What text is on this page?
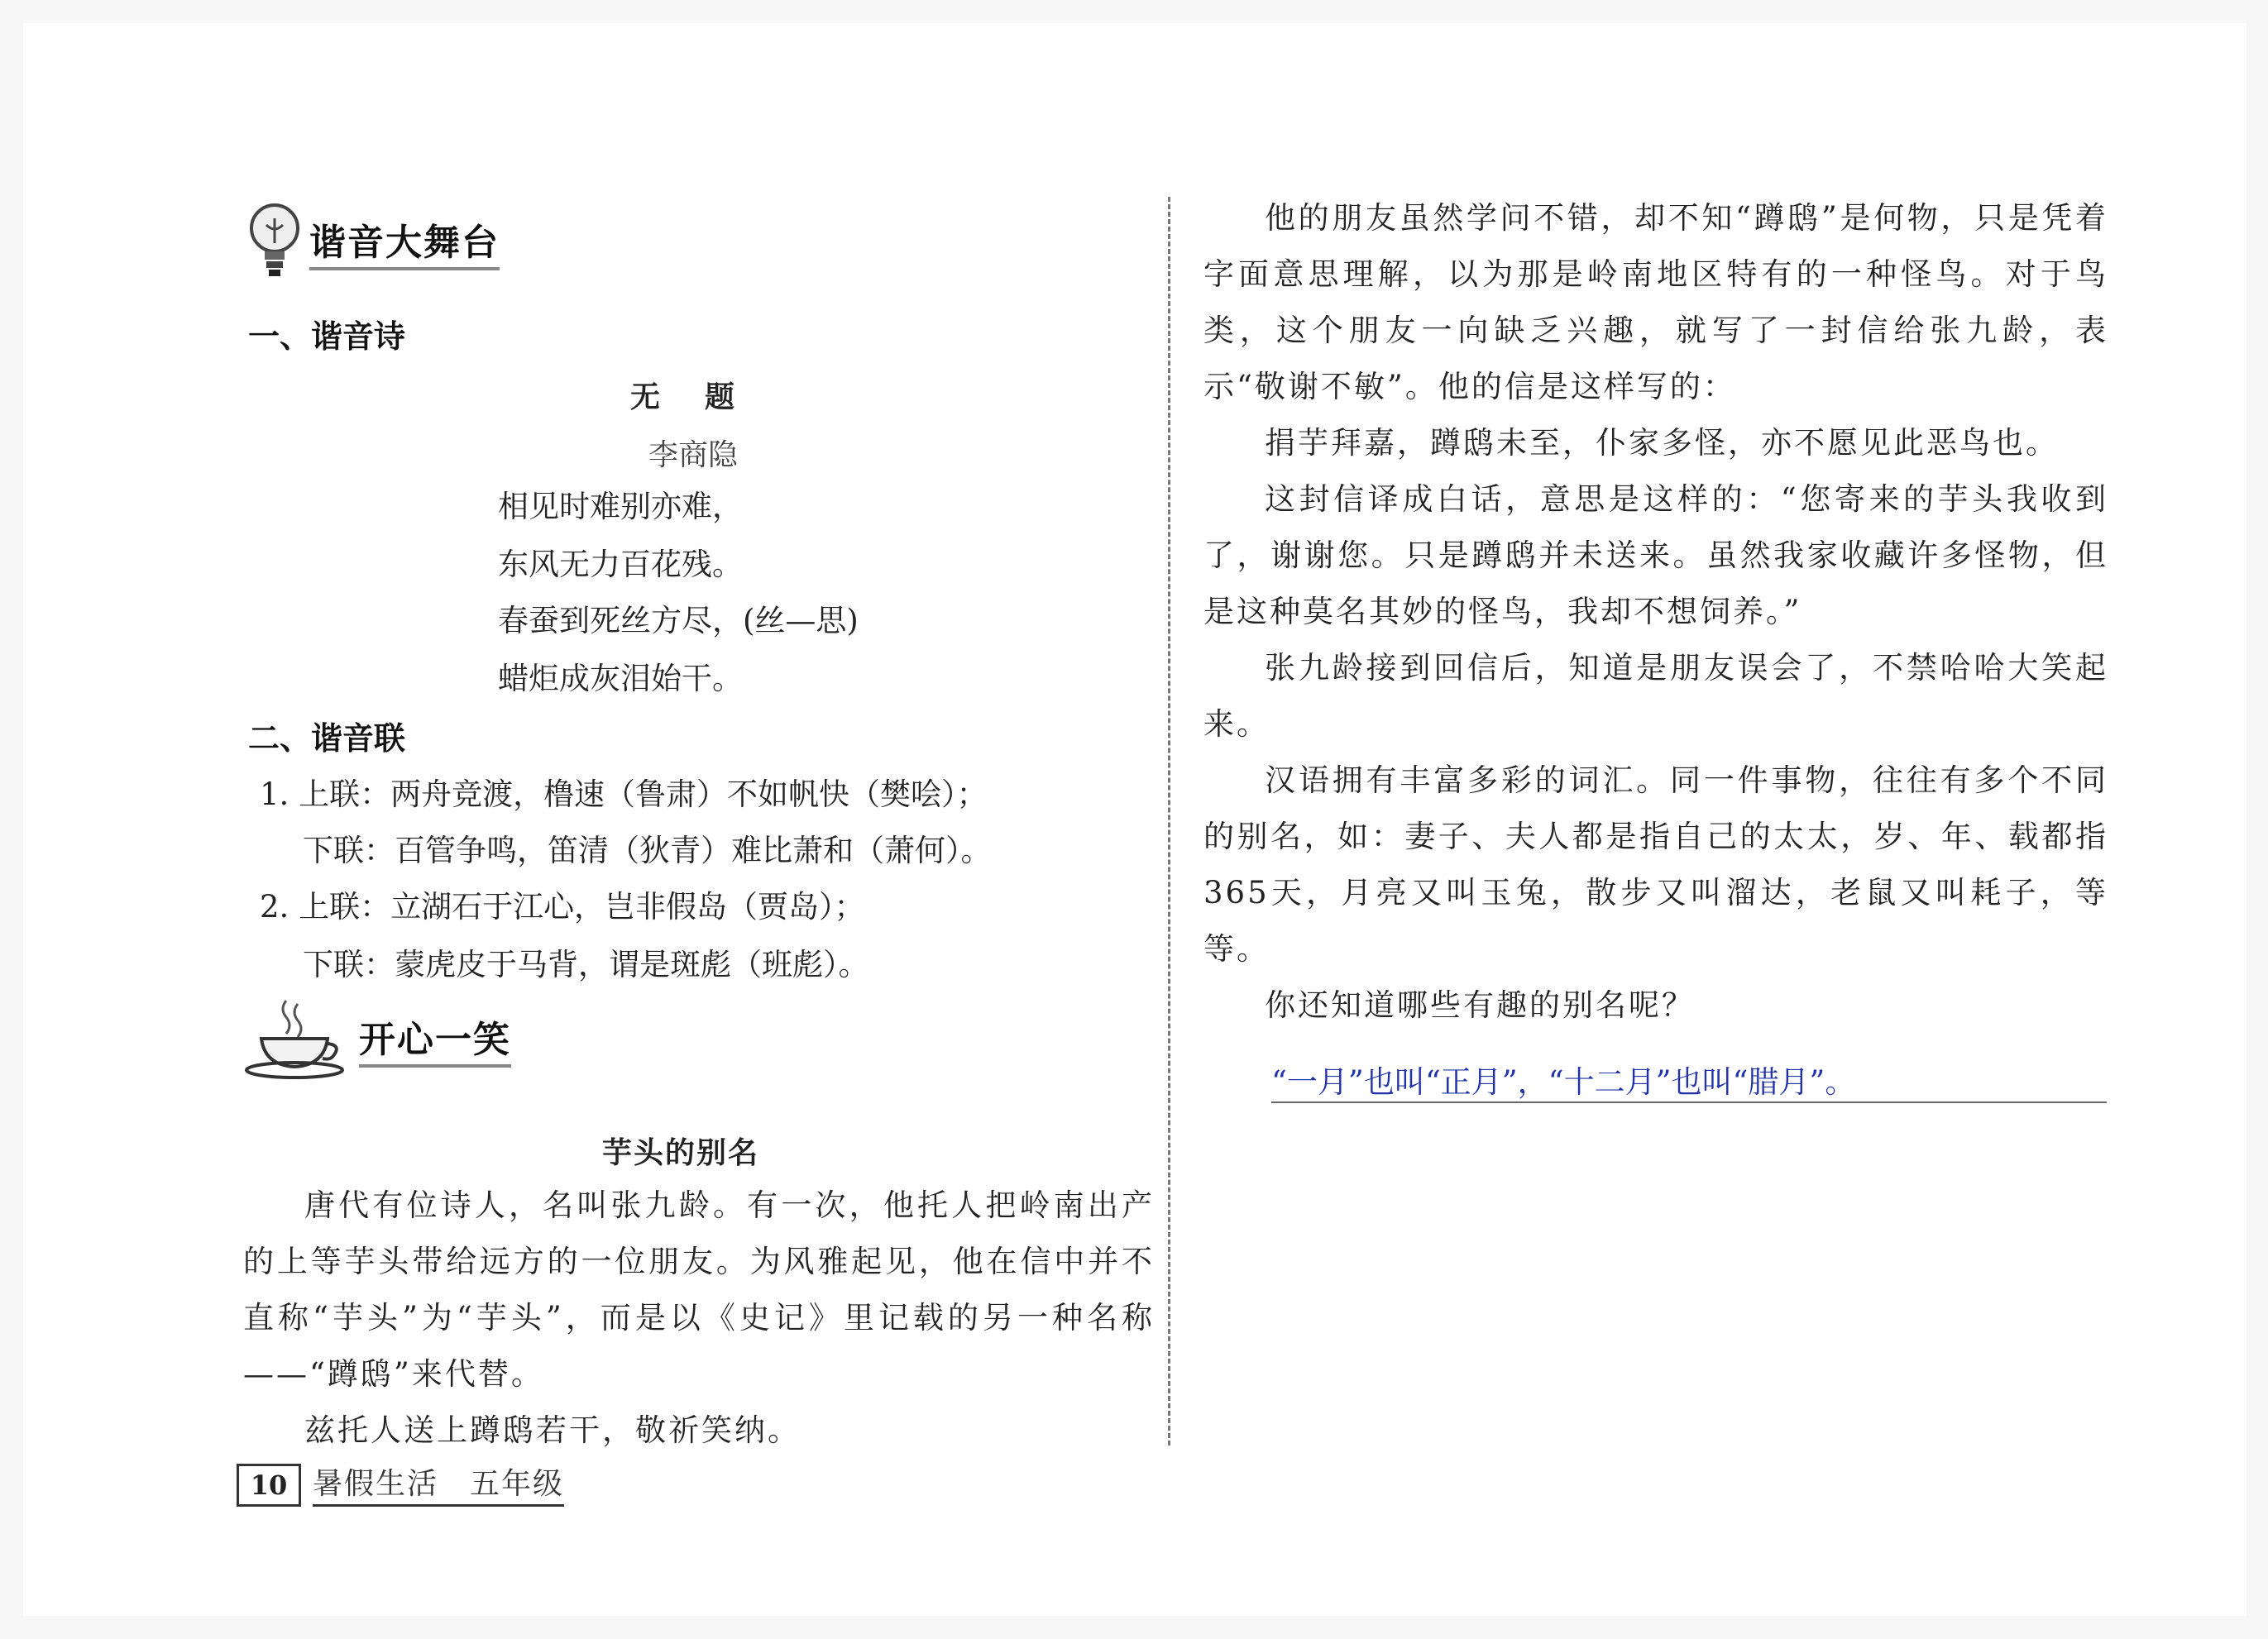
谐音大舞台
一、谐音诗
无题
李商隐
相见时难别亦难，
东风无力百花残。
春蚕到死丝方尽，(丝—思)
蜡炬成灰泪始干。
二、谐音联
1. 上联：两舟竞渡，橹速（鲁肃）不如帆快（樊哙）；
下联：百管争鸣，笛清（狄青）难比萧和（萧何）。
2. 上联：立湖石于江心，岂非假岛（贾岛）；
下联：蒙虎皮于马背，谓是斑彪（班彪）。
开心一笑
芋头的别名

唐代有位诗人，名叫张九龄。有一次，他托人把岭南出产的上等芋头带给远方的一位朋友。为风雅起见，他在信中并不直称“芋头”为“芋头”，而是以《史记》里记载的另一种名称——“蹲鸱”来代替。

兹托人送上蹲鸱若干，敬祈笑纳。

他的朋友虽然学问不错，却不知“蹲鸱”是何物，只是凭着字面意思理解，以为那是岭南地区特有的一种怪鸟。对于鸟类，这个朋友一向缺乏兴趣，就写了一封信给张九龄，表示“敬谢不敏”。他的信是这样写的：

捐芋拜嘉，蹲鸱未至，仆家多怪，亦不愿见此恶鸟也。

这封信译成白话，意思是这样的：“您寄来的芋头我收到了，谢谢您。只是蹲鸱并未送来。虽然我家收藏许多怪物，但是这种莫名其妙的怪鸟，我却不想饲养。”

张九龄接到回信后，知道是朋友误会了，不禁哈哈大笑起来。

汉语拥有丰富多彩的词汇。同一件事物，往往有多个不同的别名，如：妻子、夫人都是指自己的太太，岁、年、载都指365天，月亮又叫玉兔，散步又叫溜达，老鼠又叫耗子，等等。

你还知道哪些有趣的别名呢？

“一月”也叫“正月”，“十二月”也叫“腊月”。
10 暑假生活　五年级
